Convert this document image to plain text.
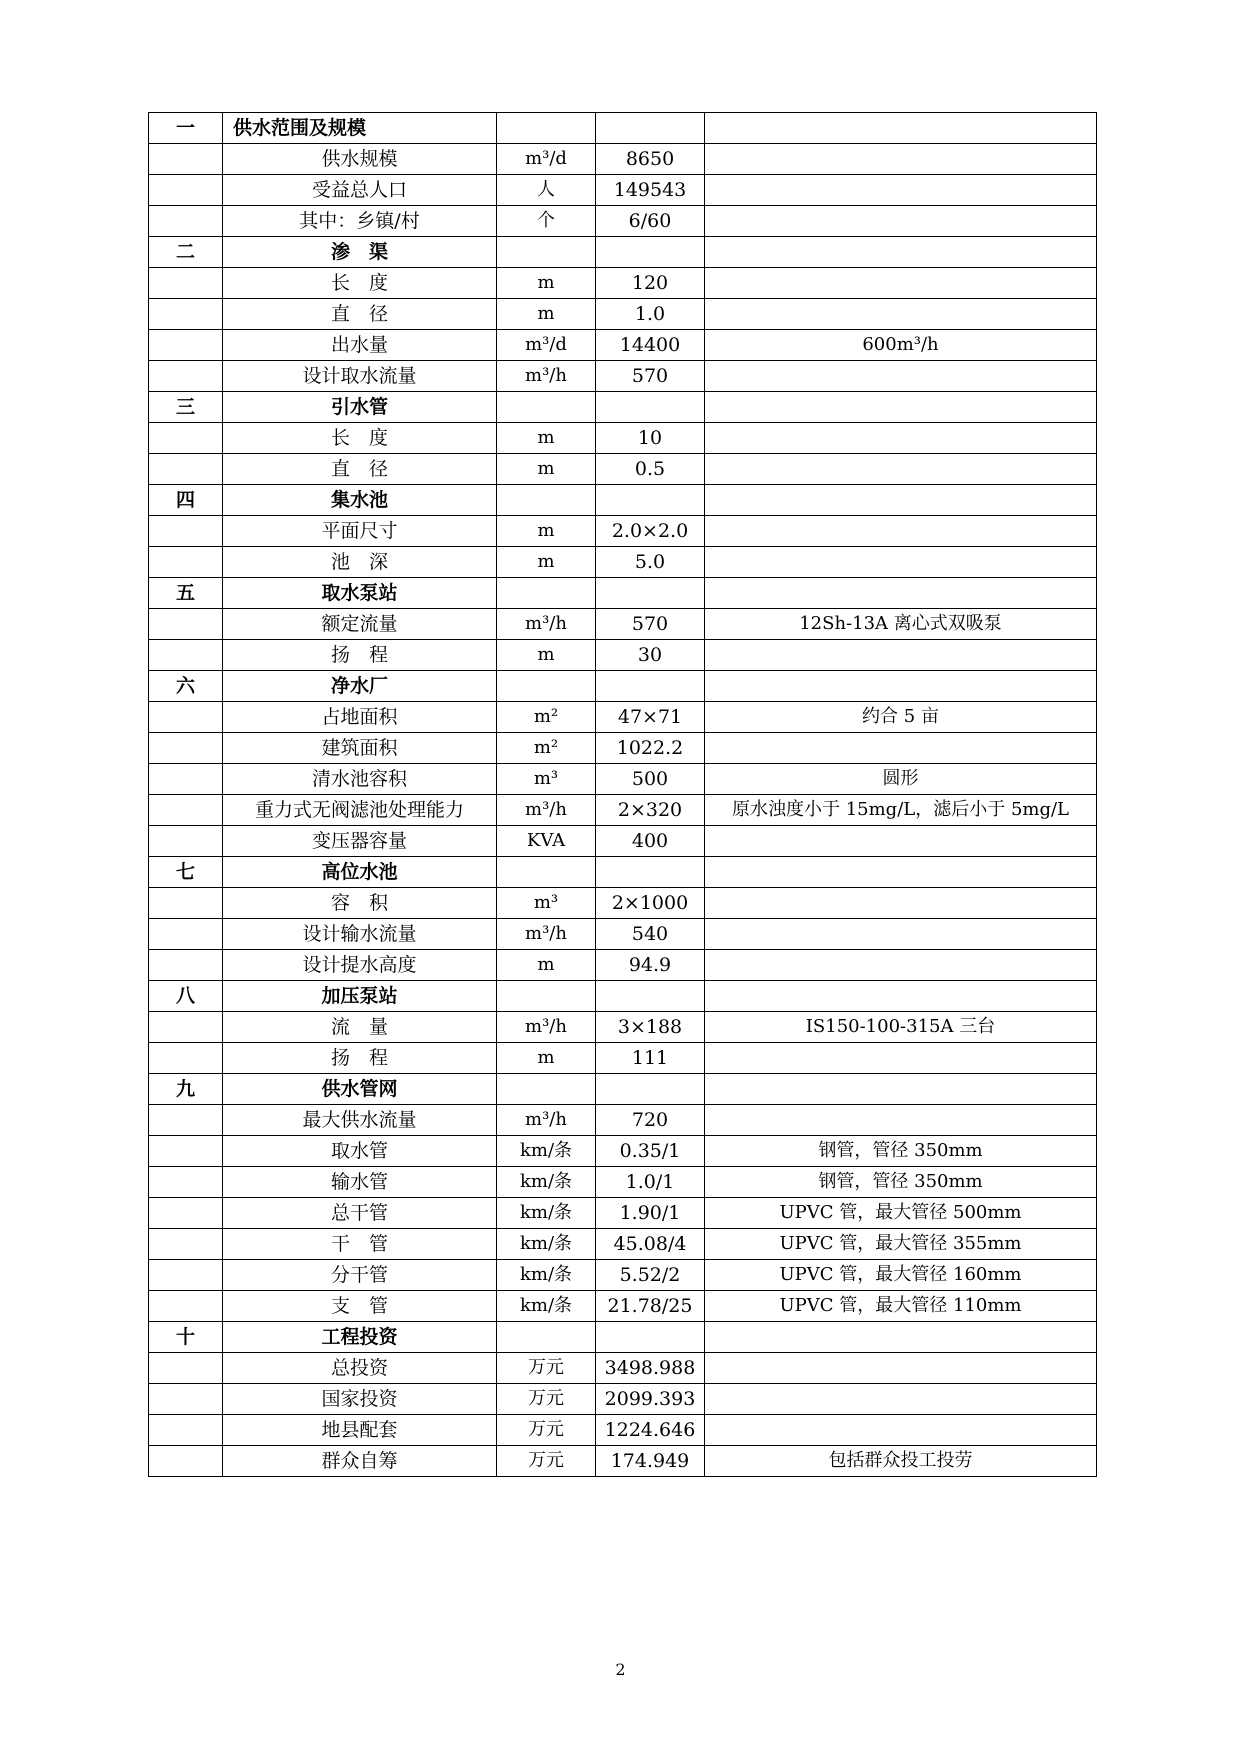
一	供水范围及规模			
	供水规模	m³/d	8650	
	受益总人口	人	149543	
	其中：乡镇/村	个	6/60	
二	渗　渠			
	长　度	m	120	
	直　径	m	1.0	
	出水量	m³/d	14400	600m³/h
	设计取水流量	m³/h	570	
三	引水管			
	长　度	m	10	
	直　径	m	0.5	
四	集水池			
	平面尺寸	m	2.0×2.0	
	池　深	m	5.0	
五	取水泵站			
	额定流量	m³/h	570	12Sh-13A 离心式双吸泵
	扬　程	m	30	
六	净水厂			
	占地面积	m²	47×71	约合 5 亩
	建筑面积	m²	1022.2	
	清水池容积	m³	500	圆形
	重力式无阀滤池处理能力	m³/h	2×320	原水浊度小于 15mg/L，滤后小于 5mg/L
	变压器容量	KVA	400	
七	高位水池			
	容　积	m³	2×1000	
	设计输水流量	m³/h	540	
	设计提水高度	m	94.9	
八	加压泵站			
	流　量	m³/h	3×188	IS150-100-315A 三台
	扬　程	m	111	
九	供水管网			
	最大供水流量	m³/h	720	
	取水管	km/条	0.35/1	钢管，管径 350mm
	输水管	km/条	1.0/1	钢管，管径 350mm
	总干管	km/条	1.90/1	UPVC 管，最大管径 500mm
	干　管	km/条	45.08/4	UPVC 管，最大管径 355mm
	分干管	km/条	5.52/2	UPVC 管，最大管径 160mm
	支　管	km/条	21.78/25	UPVC 管，最大管径 110mm
十	工程投资			
	总投资	万元	3498.988	
	国家投资	万元	2099.393	
	地县配套	万元	1224.646	
	群众自筹	万元	174.949	包括群众投工投劳
2
